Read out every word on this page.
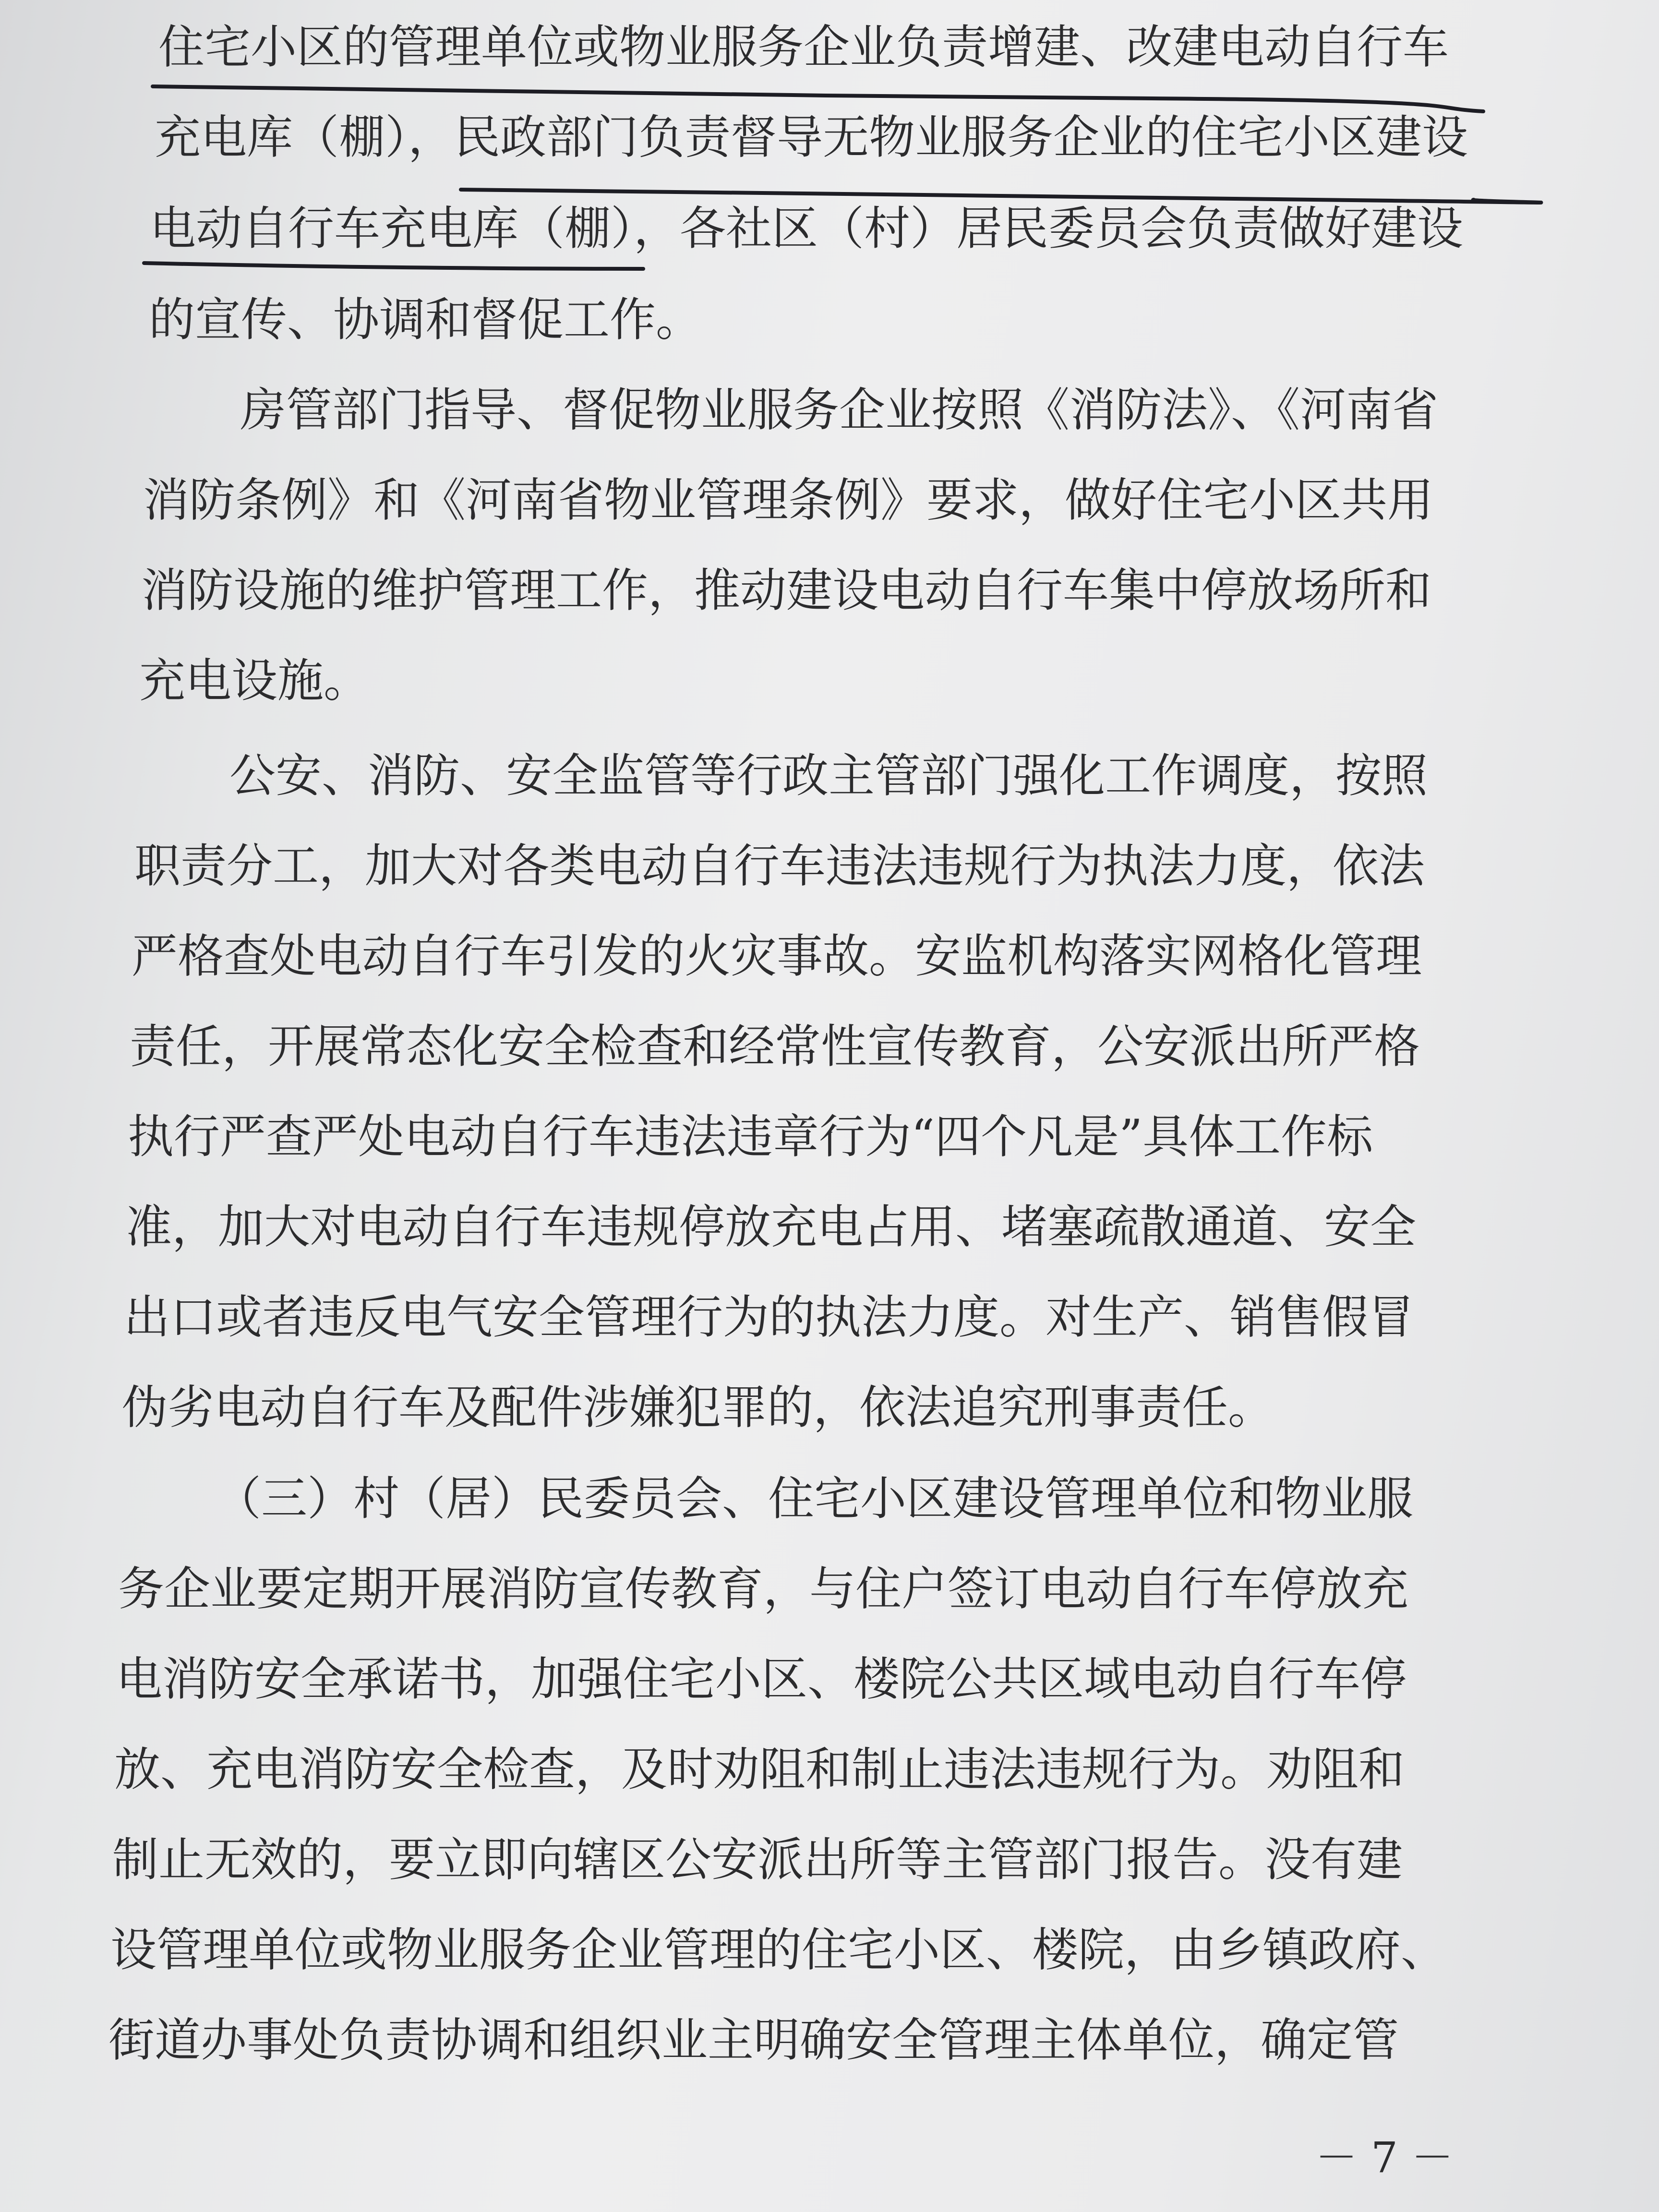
住宅小区的管理单位或物业服务企业负责增建、改建电动自行车
充电库（棚），民政部门负责督导无物业服务企业的住宅小区建设
电动自行车充电库（棚），各社区（村）居民委员会负责做好建设
的宣传、协调和督促工作。
房管部门指导、督促物业服务企业按照《消防法》、《河南省
消防条例》和《河南省物业管理条例》要求，做好住宅小区共用
消防设施的维护管理工作，推动建设电动自行车集中停放场所和
充电设施。
公安、消防、安全监管等行政主管部门强化工作调度，按照
职责分工，加大对各类电动自行车违法违规行为执法力度，依法
严格查处电动自行车引发的火灾事故。安监机构落实网格化管理
责任，开展常态化安全检查和经常性宣传教育，公安派出所严格
执行严查严处电动自行车违法违章行为“四个凡是”具体工作标
准，加大对电动自行车违规停放充电占用、堵塞疏散通道、安全
出口或者违反电气安全管理行为的执法力度。对生产、销售假冒
伪劣电动自行车及配件涉嫌犯罪的，依法追究刑事责任。
（三）村（居）民委员会、住宅小区建设管理单位和物业服
务企业要定期开展消防宣传教育，与住户签订电动自行车停放充
电消防安全承诺书，加强住宅小区、楼院公共区域电动自行车停
放、充电消防安全检查，及时劝阻和制止违法违规行为。劝阻和
制止无效的，要立即向辖区公安派出所等主管部门报告。没有建
设管理单位或物业服务企业管理的住宅小区、楼院，由乡镇政府、
街道办事处负责协调和组织业主明确安全管理主体单位，确定管
－ 7 －
